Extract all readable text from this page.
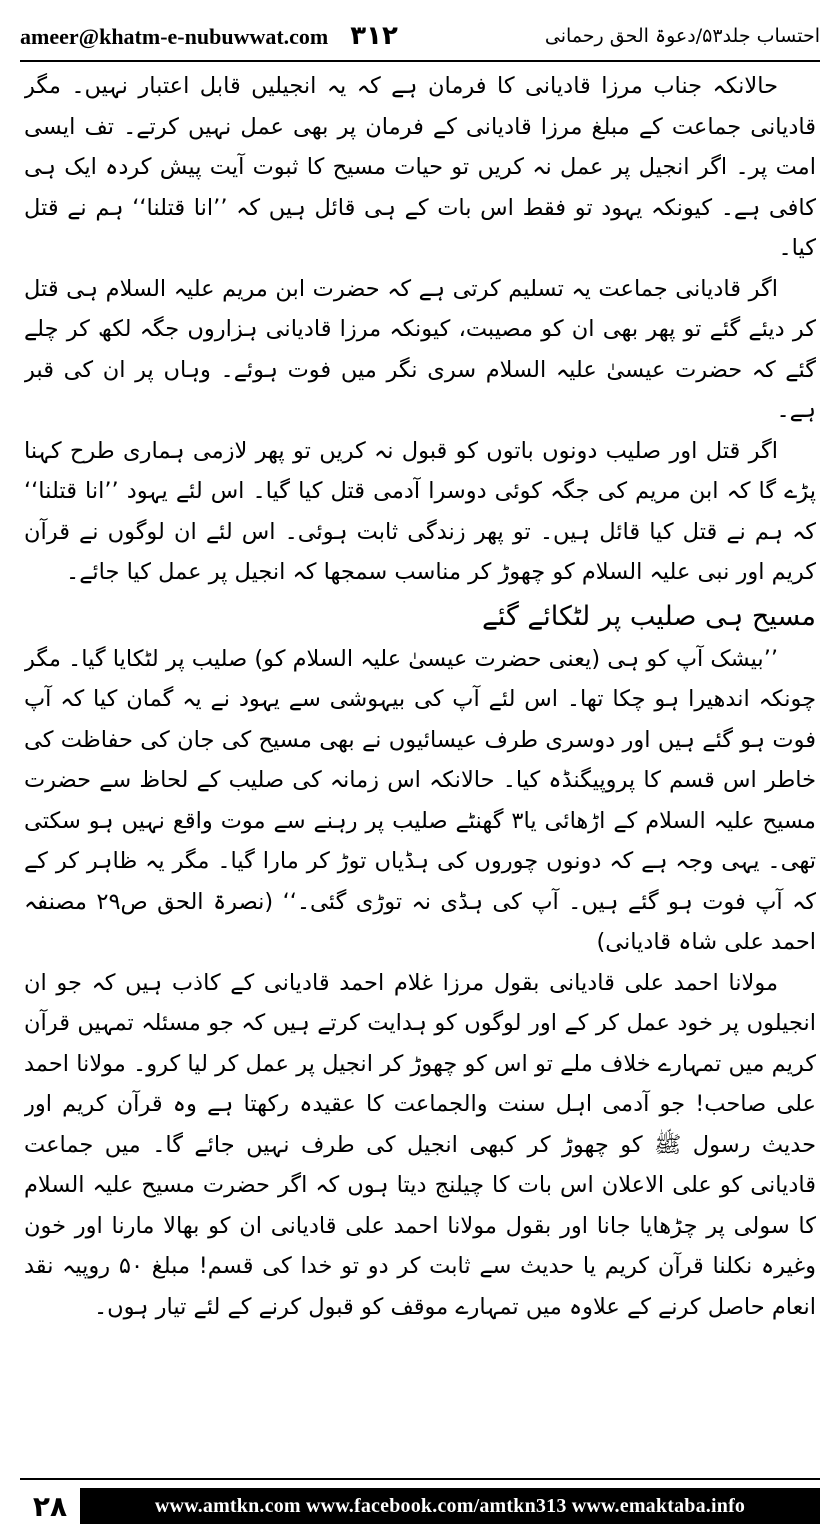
ameer@khatm-e-nubuwwat.com ۳۱۲	احتساب جلد۵۳/دعوۃ الحق رحمانی

حالانکہ جناب مرزا قادیانی کا فرمان ہے کہ یہ انجیلیں قابل اعتبار نہیں۔ مگر قادیانی جماعت کے مبلغ مرزا قادیانی کے فرمان پر بھی عمل نہیں کرتے۔ تف ایسی امت پر۔ اگر انجیل پر عمل نہ کریں تو حیات مسیح کا ثبوت آیت پیش کردہ ایک ہی کافی ہے۔ کیونکہ یہود تو فقط اس بات کے ہی قائل ہیں کہ ’’انا قتلنا‘‘ ہم نے قتل کیا۔

اگر قادیانی جماعت یہ تسلیم کرتی ہے کہ حضرت ابن مریم علیہ السلام ہی قتل کر دیئے گئے تو پھر بھی ان کو مصیبت، کیونکہ مرزا قادیانی ہزاروں جگہ لکھ کر چلے گئے کہ حضرت عیسیٰ علیہ السلام سری نگر میں فوت ہوئے۔ وہاں پر ان کی قبر ہے۔

اگر قتل اور صلیب دونوں باتوں کو قبول نہ کریں تو پھر لازمی ہماری طرح کہنا پڑے گا کہ ابن مریم کی جگہ کوئی دوسرا آدمی قتل کیا گیا۔ اس لئے یہود ’’انا قتلنا‘‘ کہ ہم نے قتل کیا قائل ہیں۔ تو پھر زندگی ثابت ہوئی۔ اس لئے ان لوگوں نے قرآن کریم اور نبی علیہ السلام کو چھوڑ کر مناسب سمجھا کہ انجیل پر عمل کیا جائے۔

مسیح ہی صلیب پر لٹکائے گئے

’’بیشک آپ کو ہی (یعنی حضرت عیسیٰ علیہ السلام کو) صلیب پر لٹکایا گیا۔ مگر چونکہ اندھیرا ہو چکا تھا۔ اس لئے آپ کی بیہوشی سے یہود نے یہ گمان کیا کہ آپ فوت ہو گئے ہیں اور دوسری طرف عیسائیوں نے بھی مسیح کی جان کی حفاظت کی خاطر اس قسم کا پروپیگنڈہ کیا۔ حالانکہ اس زمانہ کی صلیب کے لحاظ سے حضرت مسیح علیہ السلام کے اڑھائی یا۳ گھنٹے صلیب پر رہنے سے موت واقع نہیں ہو سکتی تھی۔ یہی وجہ ہے کہ دونوں چوروں کی ہڈیاں توڑ کر مارا گیا۔ مگر یہ ظاہر کر کے کہ آپ فوت ہو گئے ہیں۔ آپ کی ہڈی نہ توڑی گئی۔‘‘ (نصرۃ الحق ص۲۹ مصنفہ احمد علی شاہ قادیانی)

مولانا احمد علی قادیانی بقول مرزا غلام احمد قادیانی کے کاذب ہیں کہ جو ان انجیلوں پر خود عمل کر کے اور لوگوں کو ہدایت کرتے ہیں کہ جو مسئلہ تمہیں قرآن کریم میں تمہارے خلاف ملے تو اس کو چھوڑ کر انجیل پر عمل کر لیا کرو۔ مولانا احمد علی صاحب! جو آدمی اہل سنت والجماعت کا عقیدہ رکھتا ہے وہ قرآن کریم اور حدیث رسول ﷺ کو چھوڑ کر کبھی انجیل کی طرف نہیں جائے گا۔ میں جماعت قادیانی کو علی الاعلان اس بات کا چیلنج دیتا ہوں کہ اگر حضرت مسیح علیہ السلام کا سولی پر چڑھایا جانا اور بقول مولانا احمد علی قادیانی ان کو بھالا مارنا اور خون وغیرہ نکلنا قرآن کریم یا حدیث سے ثابت کر دو تو خدا کی قسم! مبلغ ۵۰ روپیہ نقد انعام حاصل کرنے کے علاوہ میں تمہارے موقف کو قبول کرنے کے لئے تیار ہوں۔

۲۸	www.amtkn.com www.facebook.com/amtkn313 www.emaktaba.info
